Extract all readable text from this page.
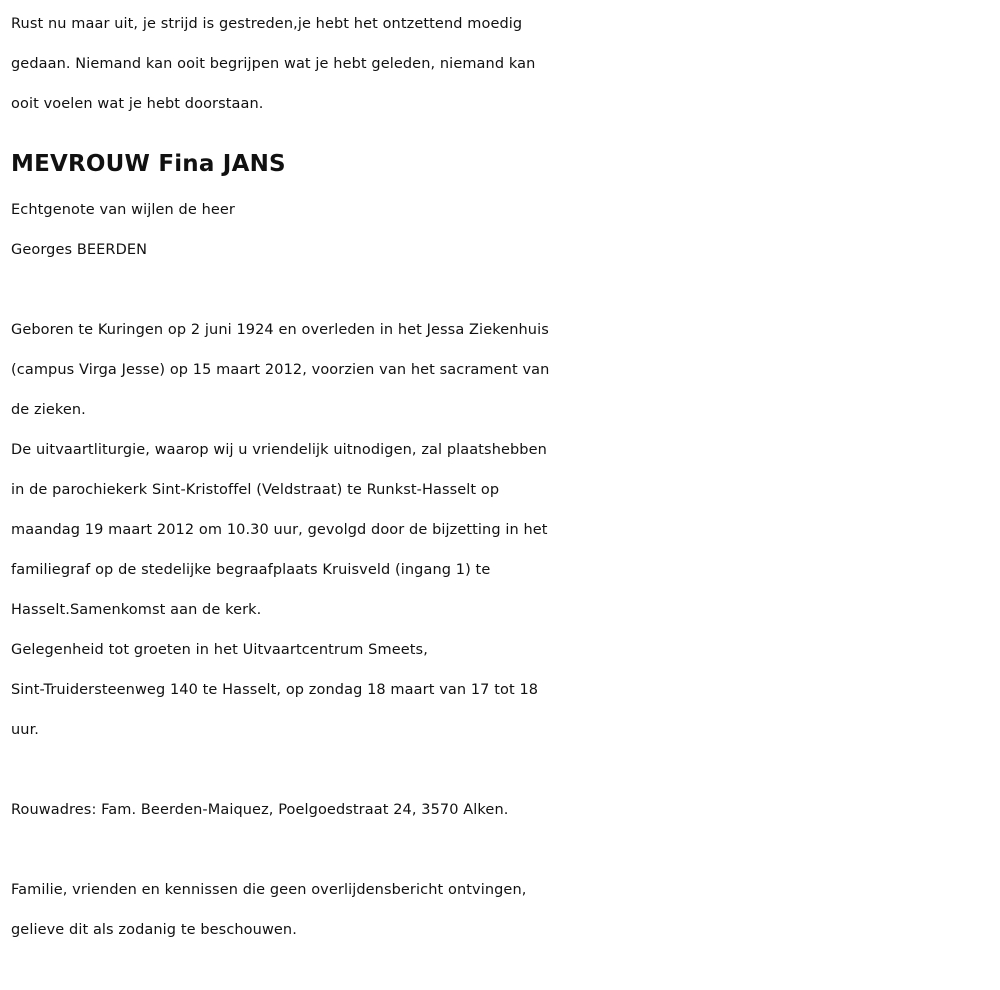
Rust nu maar uit, je strijd is gestreden,je hebt het ontzettend moedig
gedaan. Niemand kan ooit begrijpen wat je hebt geleden, niemand kan
ooit voelen wat je hebt doorstaan.
MEVROUW Fina JANS
Echtgenote van wijlen de heer
Georges BEERDEN
Geboren te Kuringen op 2 juni 1924 en overleden in het Jessa Ziekenhuis
(campus Virga Jesse) op 15 maart 2012, voorzien van het sacrament van
de zieken.
De uitvaartliturgie, waarop wij u vriendelijk uitnodigen, zal plaatshebben
in de parochiekerk Sint-Kristoffel (Veldstraat) te Runkst-Hasselt op
maandag 19 maart 2012 om 10.30 uur, gevolgd door de bijzetting in het
familiegraf op de stedelijke begraafplaats Kruisveld (ingang 1) te
Hasselt.Samenkomst aan de kerk.
Gelegenheid tot groeten in het Uitvaartcentrum Smeets,
Sint-Truidersteenweg 140 te Hasselt, op zondag 18 maart van 17 tot 18
uur.
Rouwadres: Fam. Beerden-Maiquez, Poelgoedstraat 24, 3570 Alken.
Familie, vrienden en kennissen die geen overlijdensbericht ontvingen,
gelieve dit als zodanig te beschouwen.
